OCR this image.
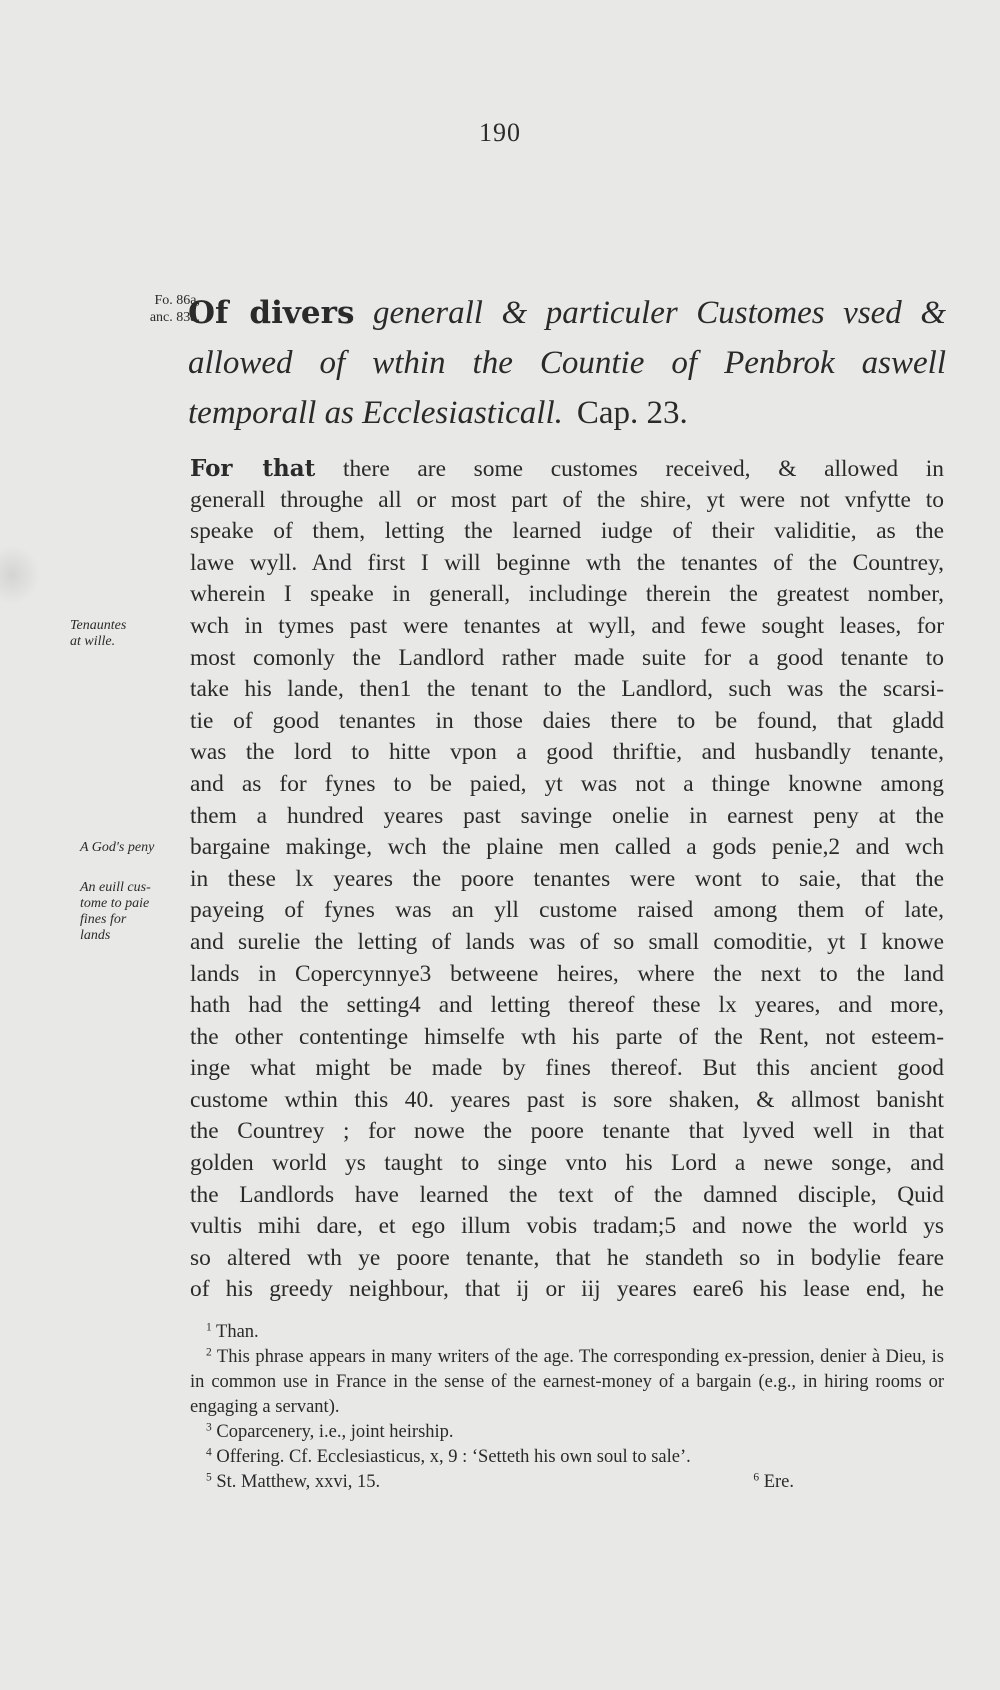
190
Fo. 86a,
anc. 83a.
Of divers generall & particuler Customes vsed & allowed of wthin the Countie of Penbrok aswell temporall as Ecclesiasticall. Cap. 23.
For that there are some customes received, & allowed in
generall throughe all or most part of the shire, yt were not vnfytte to
speake of them, letting the learned iudge of their validitie, as the
lawe wyll. And first I will beginne wth the tenantes of the Countrey,
wherein I speake in generall, includinge therein the greatest nomber,
wch in tymes past were tenantes at wyll, and fewe sought leases, for
most comonly the Landlord rather made suite for a good tenante to
take his lande, then1 the tenant to the Landlord, such was the scarsi-
tie of good tenantes in those daies there to be found, that gladd
was the lord to hitte vpon a good thriftie, and husbandly tenante,
and as for fynes to be paied, yt was not a thinge knowne among
them a hundred yeares past savinge onelie in earnest peny at the
bargaine makinge, wch the plaine men called a gods penie,2 and wch
in these lx yeares the poore tenantes were wont to saie, that the
payeing of fynes was an yll custome raised among them of late,
and surelie the letting of lands was of so small comoditie, yt I knowe
lands in Copercynnye3 betweene heires, where the next to the land
hath had the setting4 and letting thereof these lx yeares, and more,
the other contentinge himselfe wth his parte of the Rent, not esteem-
inge what might be made by fines thereof. But this ancient good
custome wthin this 40. yeares past is sore shaken, & allmost banisht
the Countrey ; for nowe the poore tenante that lyved well in that
golden world ys taught to singe vnto his Lord a newe songe, and
the Landlords have learned the text of the damned disciple, Quid
vultis mihi dare, et ego illum vobis tradam;5 and nowe the world ys
so altered wth ye poore tenante, that he standeth so in bodylie feare
of his greedy neighbour, that ij or iij yeares eare6 his lease end, he
Tenauntes
at wille.
A God's peny
An euill cus-
tome to paie
fines for
lands
$^1$ Than.
$^2$ This phrase appears in many writers of the age. The corresponding ex-pression, denier à Dieu, is in common use in France in the sense of the earnest-money of a bargain (e.g., in hiring rooms or engaging a servant).
$^3$ Coparcenery, i.e., joint heirship.
$^4$ Offering. Cf. Ecclesiasticus, x, 9 : ‘Setteth his own soul to sale’.
$^5$ St. Matthew, xxvi, 15.	$^6$ Ere.
